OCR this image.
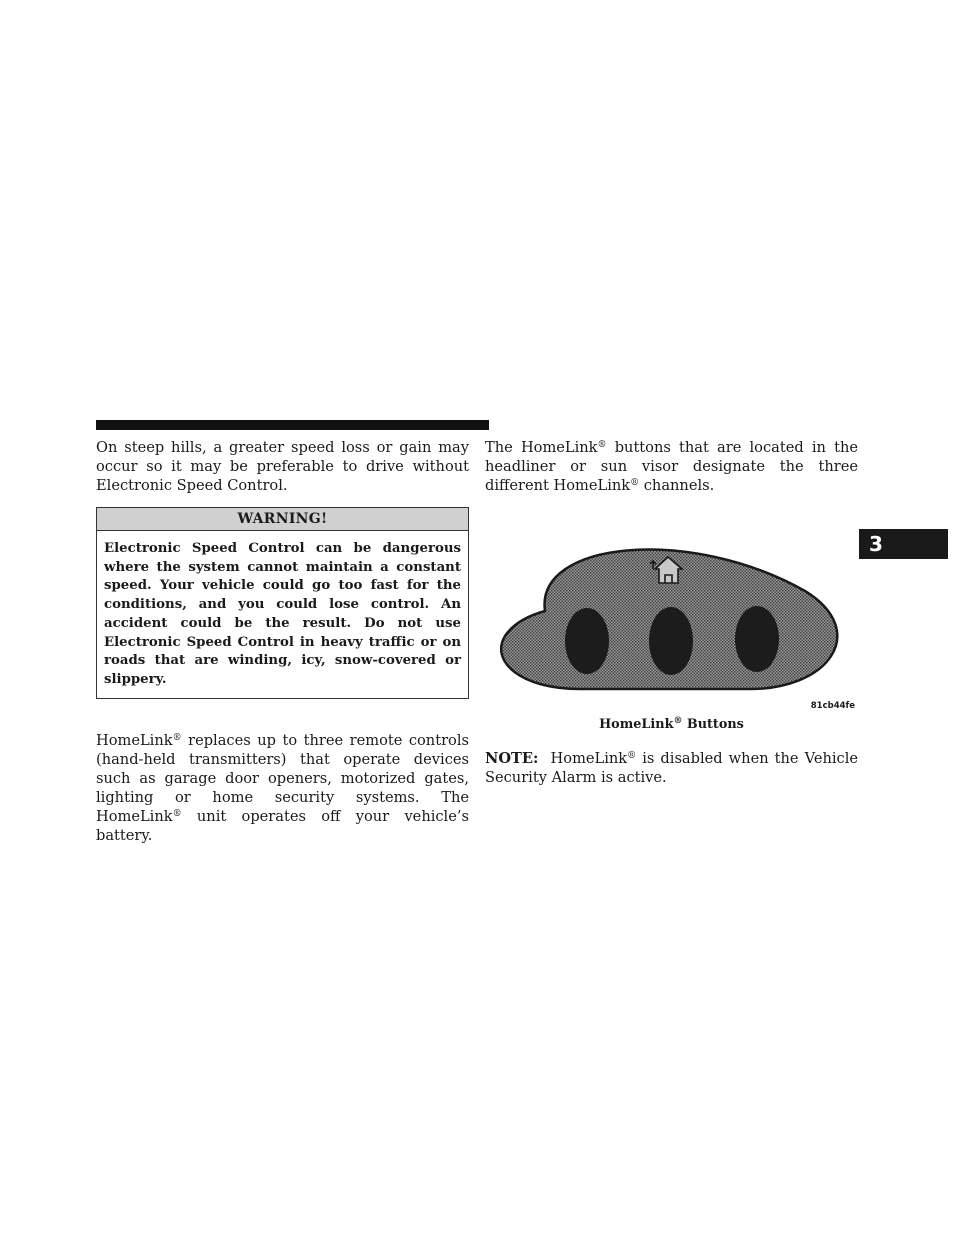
On steep hills, a greater speed loss or gain may occur so it may be preferable to drive without Electronic Speed Control.

WARNING!
Electronic Speed Control can be dangerous where the system cannot maintain a constant speed. Your vehicle could go too fast for the conditions, and you could lose control. An accident could be the result. Do not use Electronic Speed Control in heavy traffic or on roads that are winding, icy, snow-covered or slippery.

HomeLink® replaces up to three remote controls (hand-held transmitters) that operate devices such as garage door openers, motorized gates, lighting or home security systems. The HomeLink® unit operates off your vehicle’s battery.

The HomeLink® buttons that are located in the headliner or sun visor designate the three different HomeLink® channels.

81cb44fe
HomeLink® Buttons

NOTE:  HomeLink® is disabled when the Vehicle Security Alarm is active.

3
